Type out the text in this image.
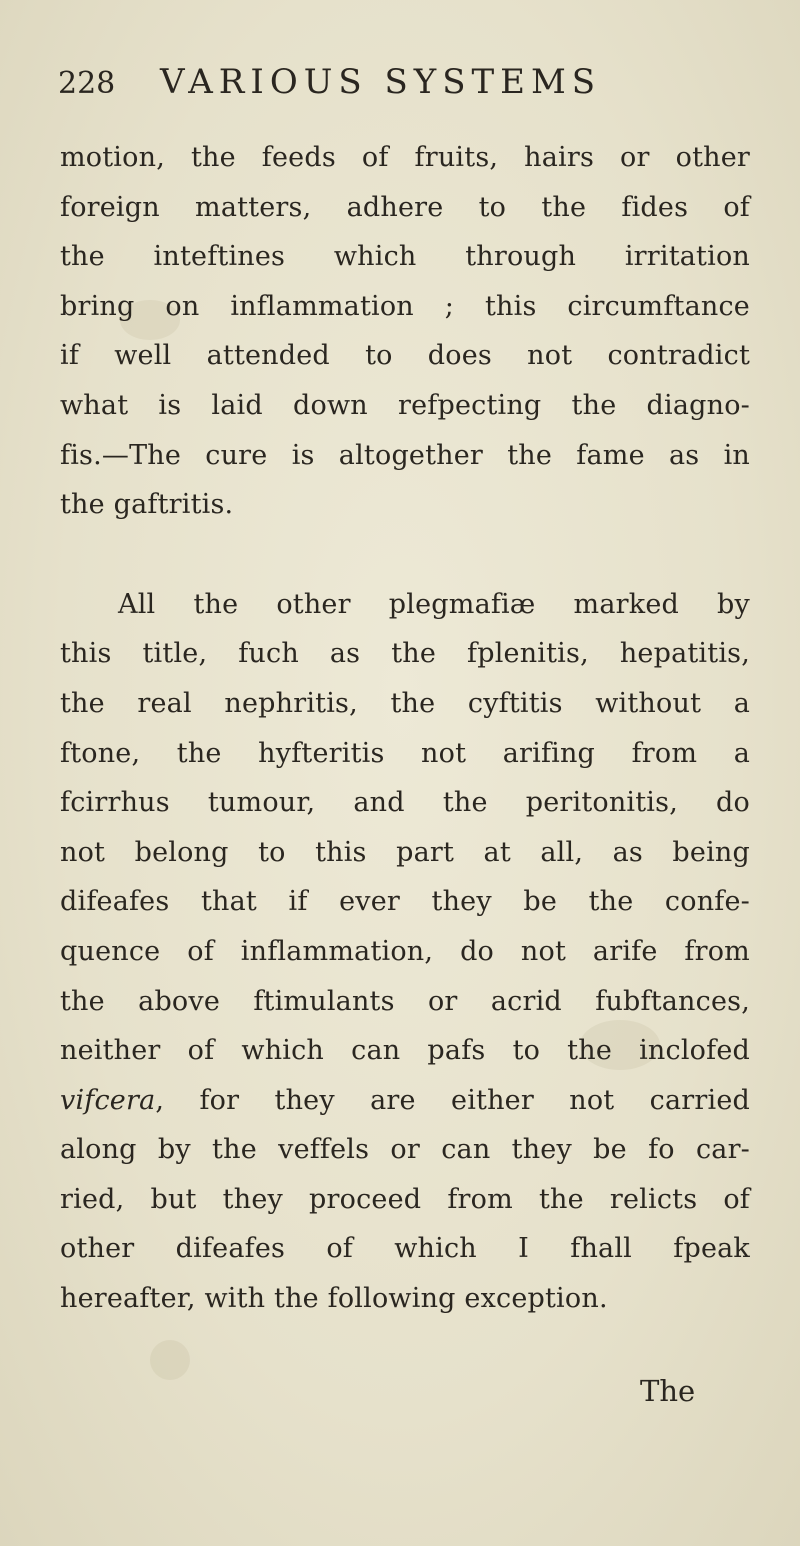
228	VARIOUS SYSTEMS
motion, the feeds of fruits, hairs or other
foreign matters, adhere to the fides of
the inteftines which through irritation
bring on inflammation ; this circumftance
if well attended to does not contradict
what is laid down refpecting the diagno-
fis.—The cure is altogether the fame as in
the gaftritis.
All the other plegmafiæ marked by
this title, fuch as the fplenitis, hepatitis,
the real nephritis, the cyftitis without a
ftone, the hyfteritis not arifing from a
fcirrhus tumour, and the peritonitis, do
not belong to this part at all, as being
difeafes that if ever they be the confe-
quence of inflammation, do not arife from
the above ftimulants or acrid fubftances,
neither of which can pafs to the inclofed
vifcera, for they are either not carried
along by the veffels or can they be fo car-
ried, but they proceed from the relicts of
other difeafes of which I fhall fpeak
hereafter, with the following exception.
The
